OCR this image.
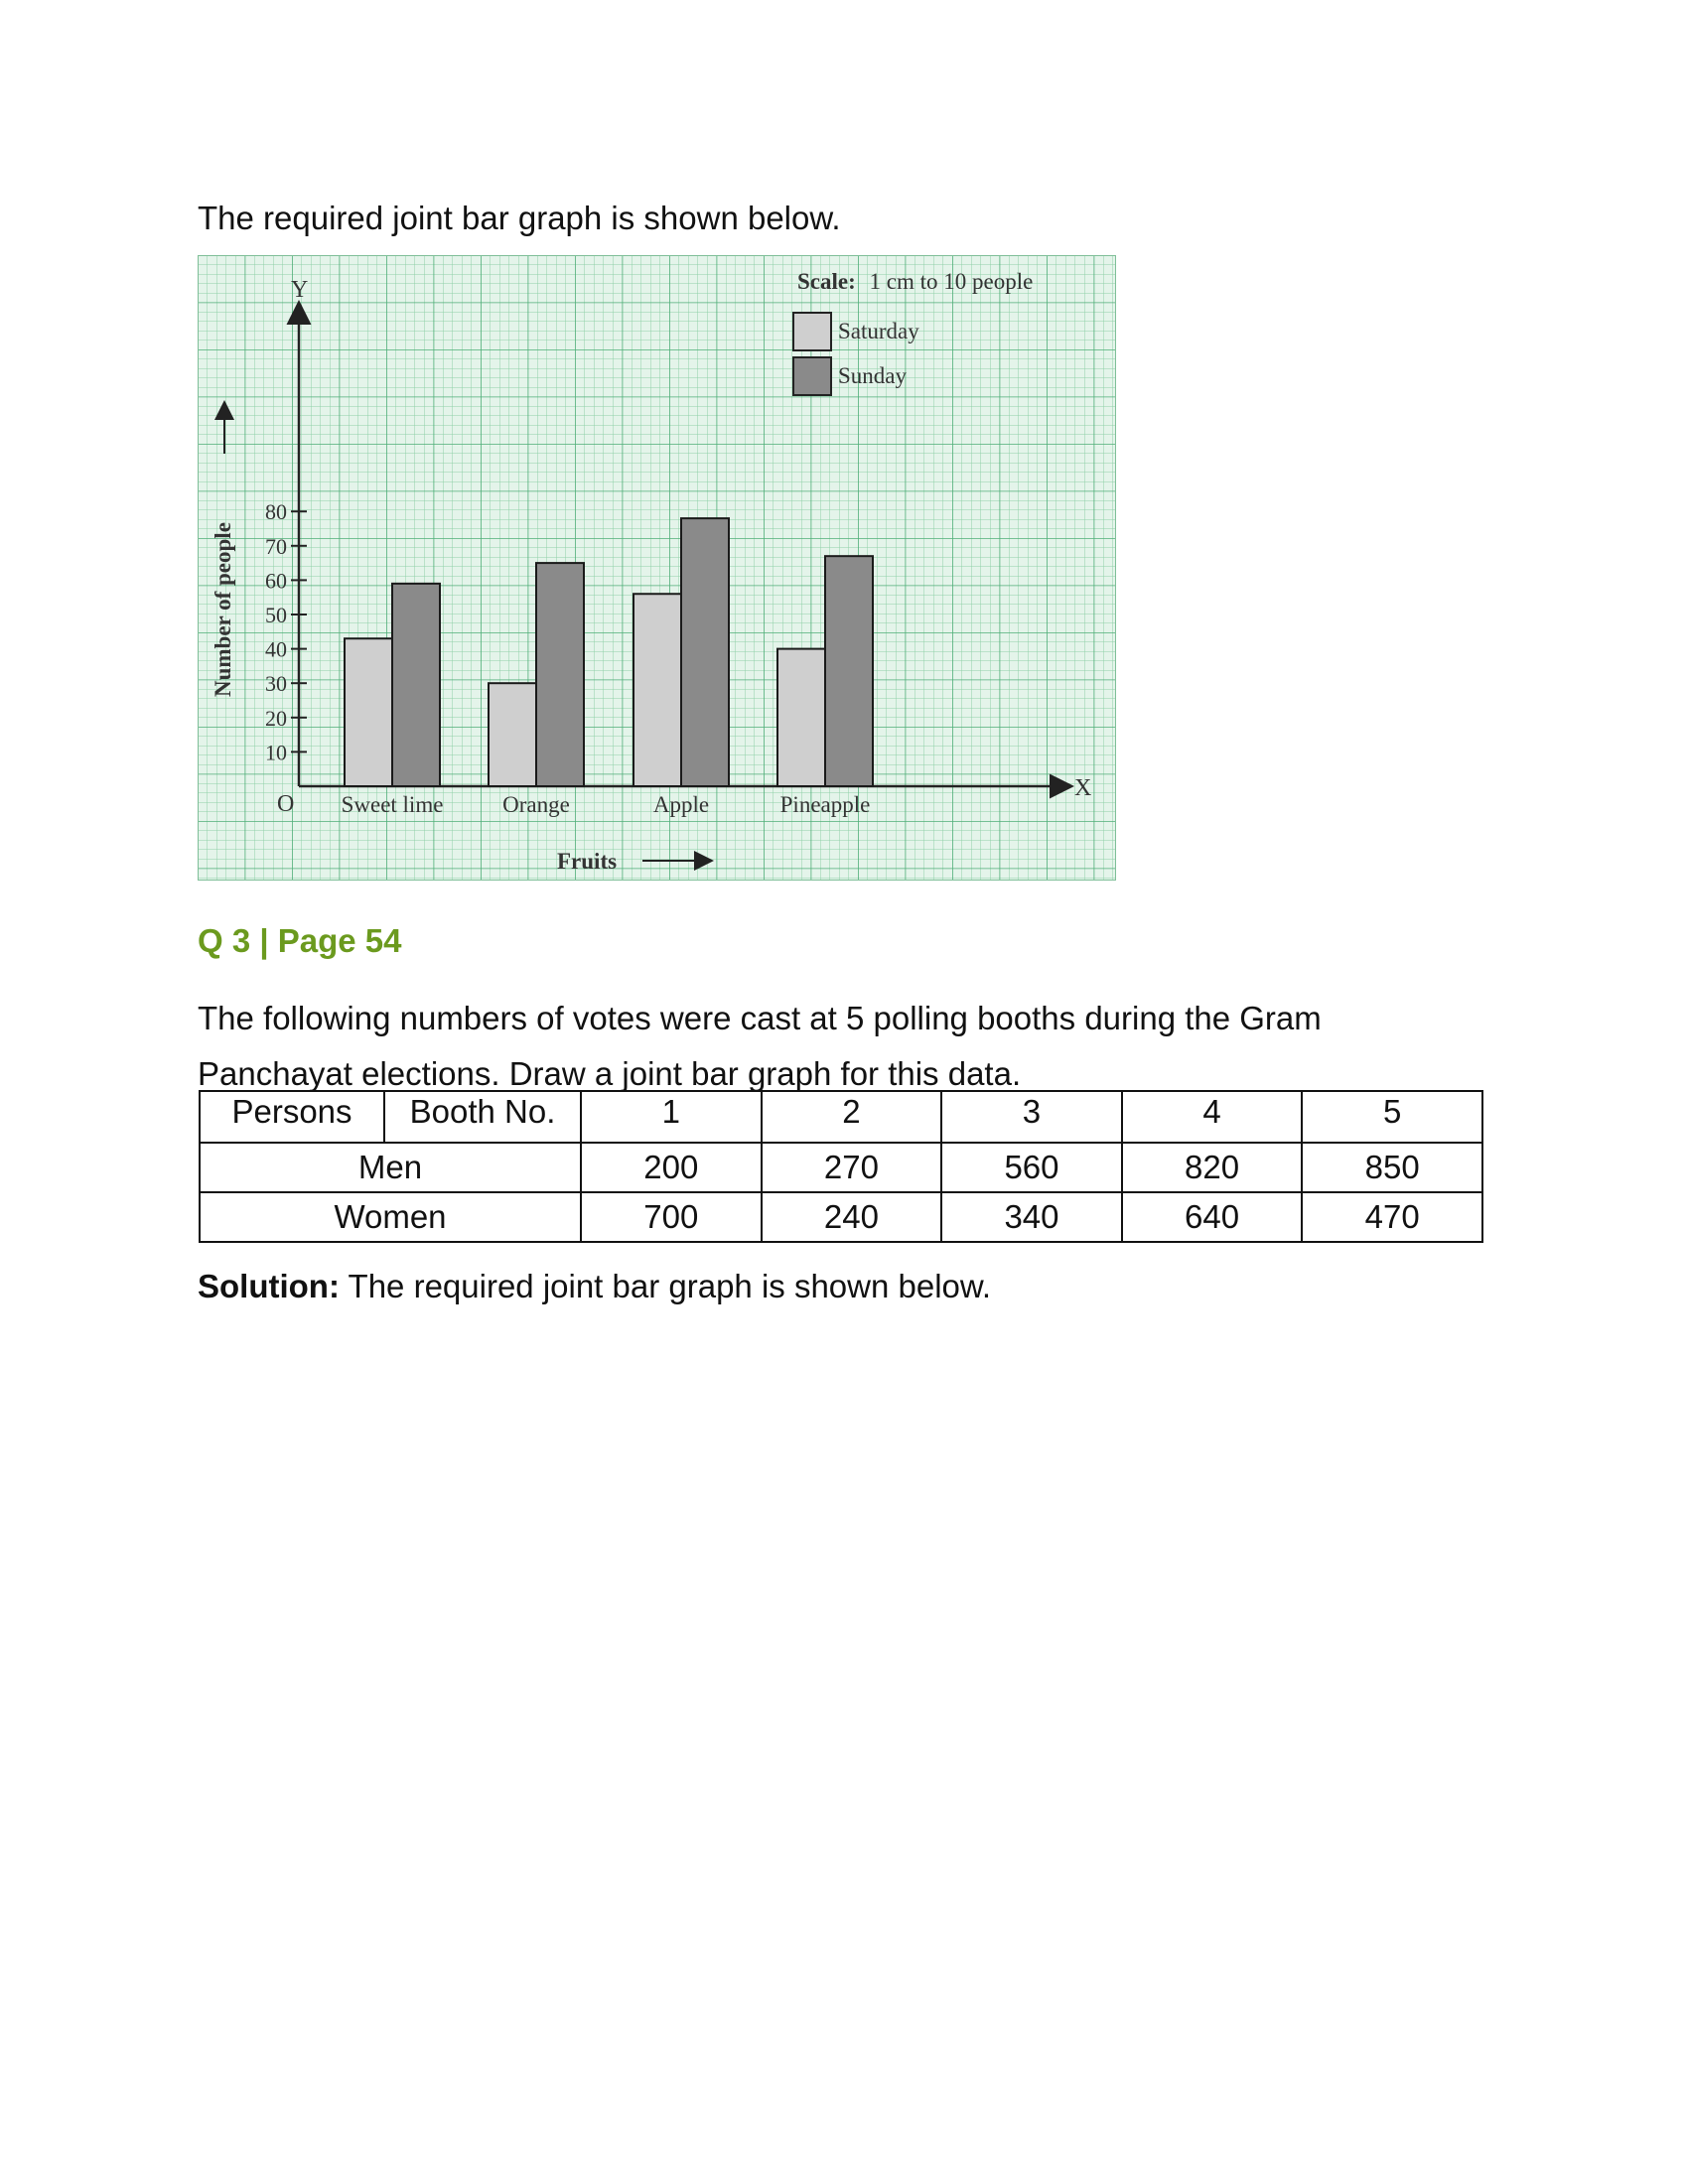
The required joint bar graph is shown below.

Y
X
O
10
20
30
40
50
60
70
80
Sweet lime	Orange	Apple	Pineapple
Number of people
Fruits
Scale: 1 cm to 10 people
Saturday
Sunday

Q 3 | Page 54

The following numbers of votes were cast at 5 polling booths during the Gram

Panchayat elections. Draw a joint bar graph for this data.

Persons	Booth No.	1	2	3	4	5
Men		200	270	560	820	850
Women		700	240	340	640	470

Solution: The required joint bar graph is shown below.
